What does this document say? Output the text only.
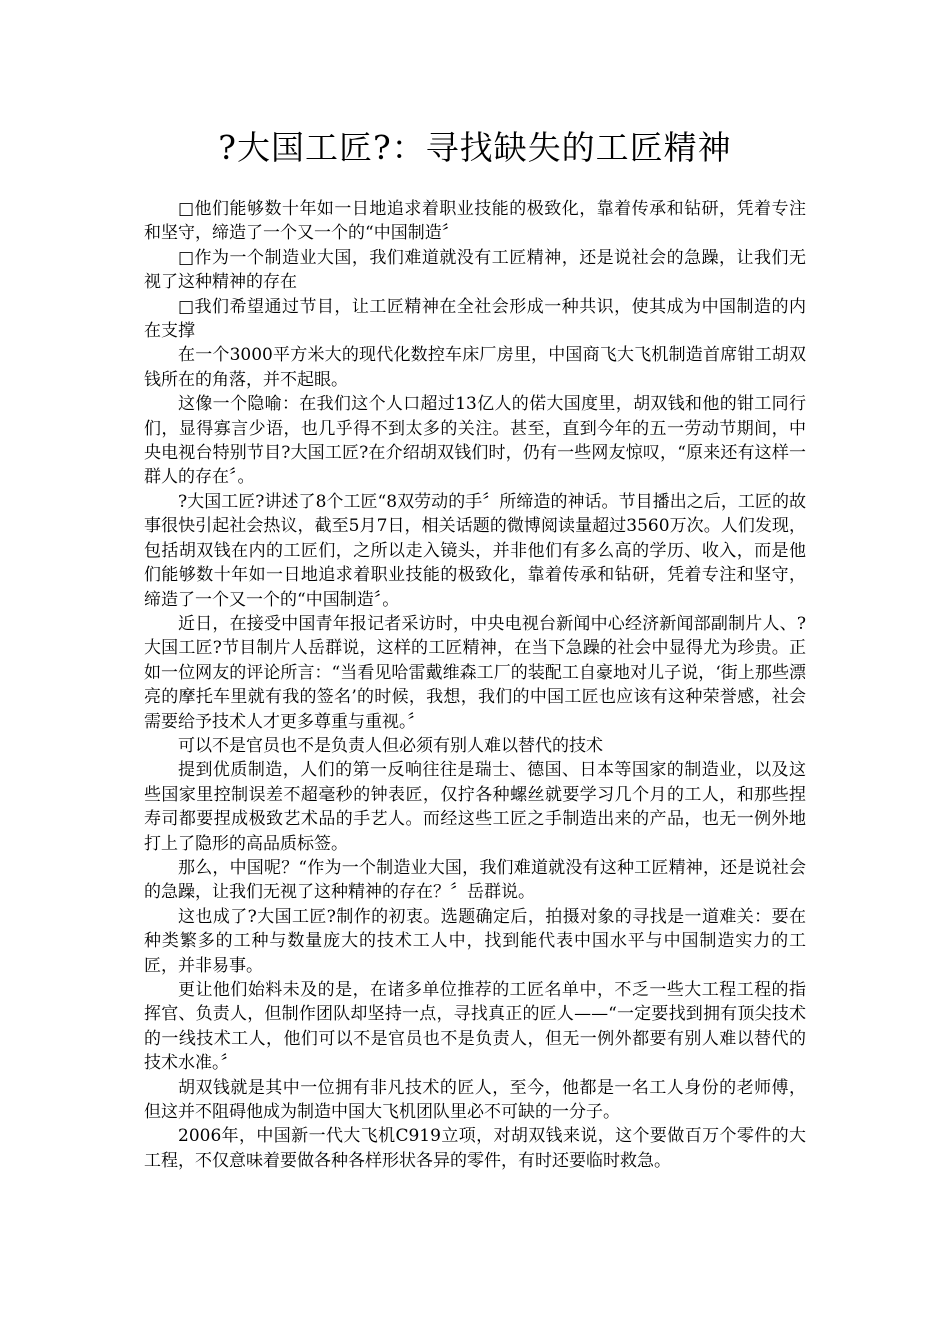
?大国工匠?：寻找缺失的工匠精神

□他们能够数十年如一日地追求着职业技能的极致化，靠着传承和钻研，凭着专注和坚守，缔造了一个又一个的“中国制造〞

□作为一个制造业大国，我们难道就没有工匠精神，还是说社会的急躁，让我们无视了这种精神的存在

□我们希望通过节目，让工匠精神在全社会形成一种共识，使其成为中国制造的内在支撑

在一个3000平方米大的现代化数控车床厂房里，中国商飞大飞机制造首席钳工胡双钱所在的角落，并不起眼。

这像一个隐喻：在我们这个人口超过13亿人的偌大国度里，胡双钱和他的钳工同行们，显得寡言少语，也几乎得不到太多的关注。甚至，直到今年的五一劳动节期间，中央电视台特别节目?大国工匠?在介绍胡双钱们时，仍有一些网友惊叹，“原来还有这样一群人的存在〞。

?大国工匠?讲述了8个工匠“8双劳动的手〞所缔造的神话。节目播出之后，工匠的故事很快引起社会热议，截至5月7日，相关话题的微博阅读量超过3560万次。人们发现，包括胡双钱在内的工匠们，之所以走入镜头，并非他们有多么高的学历、收入，而是他们能够数十年如一日地追求着职业技能的极致化，靠着传承和钻研，凭着专注和坚守，缔造了一个又一个的“中国制造〞。

近日，在接受中国青年报记者采访时，中央电视台新闻中心经济新闻部副制片人、?大国工匠?节目制片人岳群说，这样的工匠精神，在当下急躁的社会中显得尤为珍贵。正如一位网友的评论所言：“当看见哈雷戴维森工厂的装配工自豪地对儿子说，‘街上那些漂亮的摩托车里就有我的签名’的时候，我想，我们的中国工匠也应该有这种荣誉感，社会需要给予技术人才更多尊重与重视。〞

可以不是官员也不是负责人但必须有别人难以替代的技术

提到优质制造，人们的第一反响往往是瑞士、德国、日本等国家的制造业，以及这些国家里控制误差不超毫秒的钟表匠，仅拧各种螺丝就要学习几个月的工人，和那些捏寿司都要捏成极致艺术品的手艺人。而经这些工匠之手制造出来的产品，也无一例外地打上了隐形的高品质标签。

那么，中国呢？“作为一个制造业大国，我们难道就没有这种工匠精神，还是说社会的急躁，让我们无视了这种精神的存在？〞岳群说。

这也成了?大国工匠?制作的初衷。选题确定后，拍摄对象的寻找是一道难关：要在种类繁多的工种与数量庞大的技术工人中，找到能代表中国水平与中国制造实力的工匠，并非易事。

更让他们始料未及的是，在诸多单位推荐的工匠名单中，不乏一些大工程工程的指挥官、负责人，但制作团队却坚持一点，寻找真正的匠人——“一定要找到拥有顶尖技术的一线技术工人，他们可以不是官员也不是负责人，但无一例外都要有别人难以替代的技术水准。〞

胡双钱就是其中一位拥有非凡技术的匠人，至今，他都是一名工人身份的老师傅，但这并不阻碍他成为制造中国大飞机团队里必不可缺的一分子。

2006年，中国新一代大飞机C919立项，对胡双钱来说，这个要做百万个零件的大工程，不仅意味着要做各种各样形状各异的零件，有时还要临时救急。
